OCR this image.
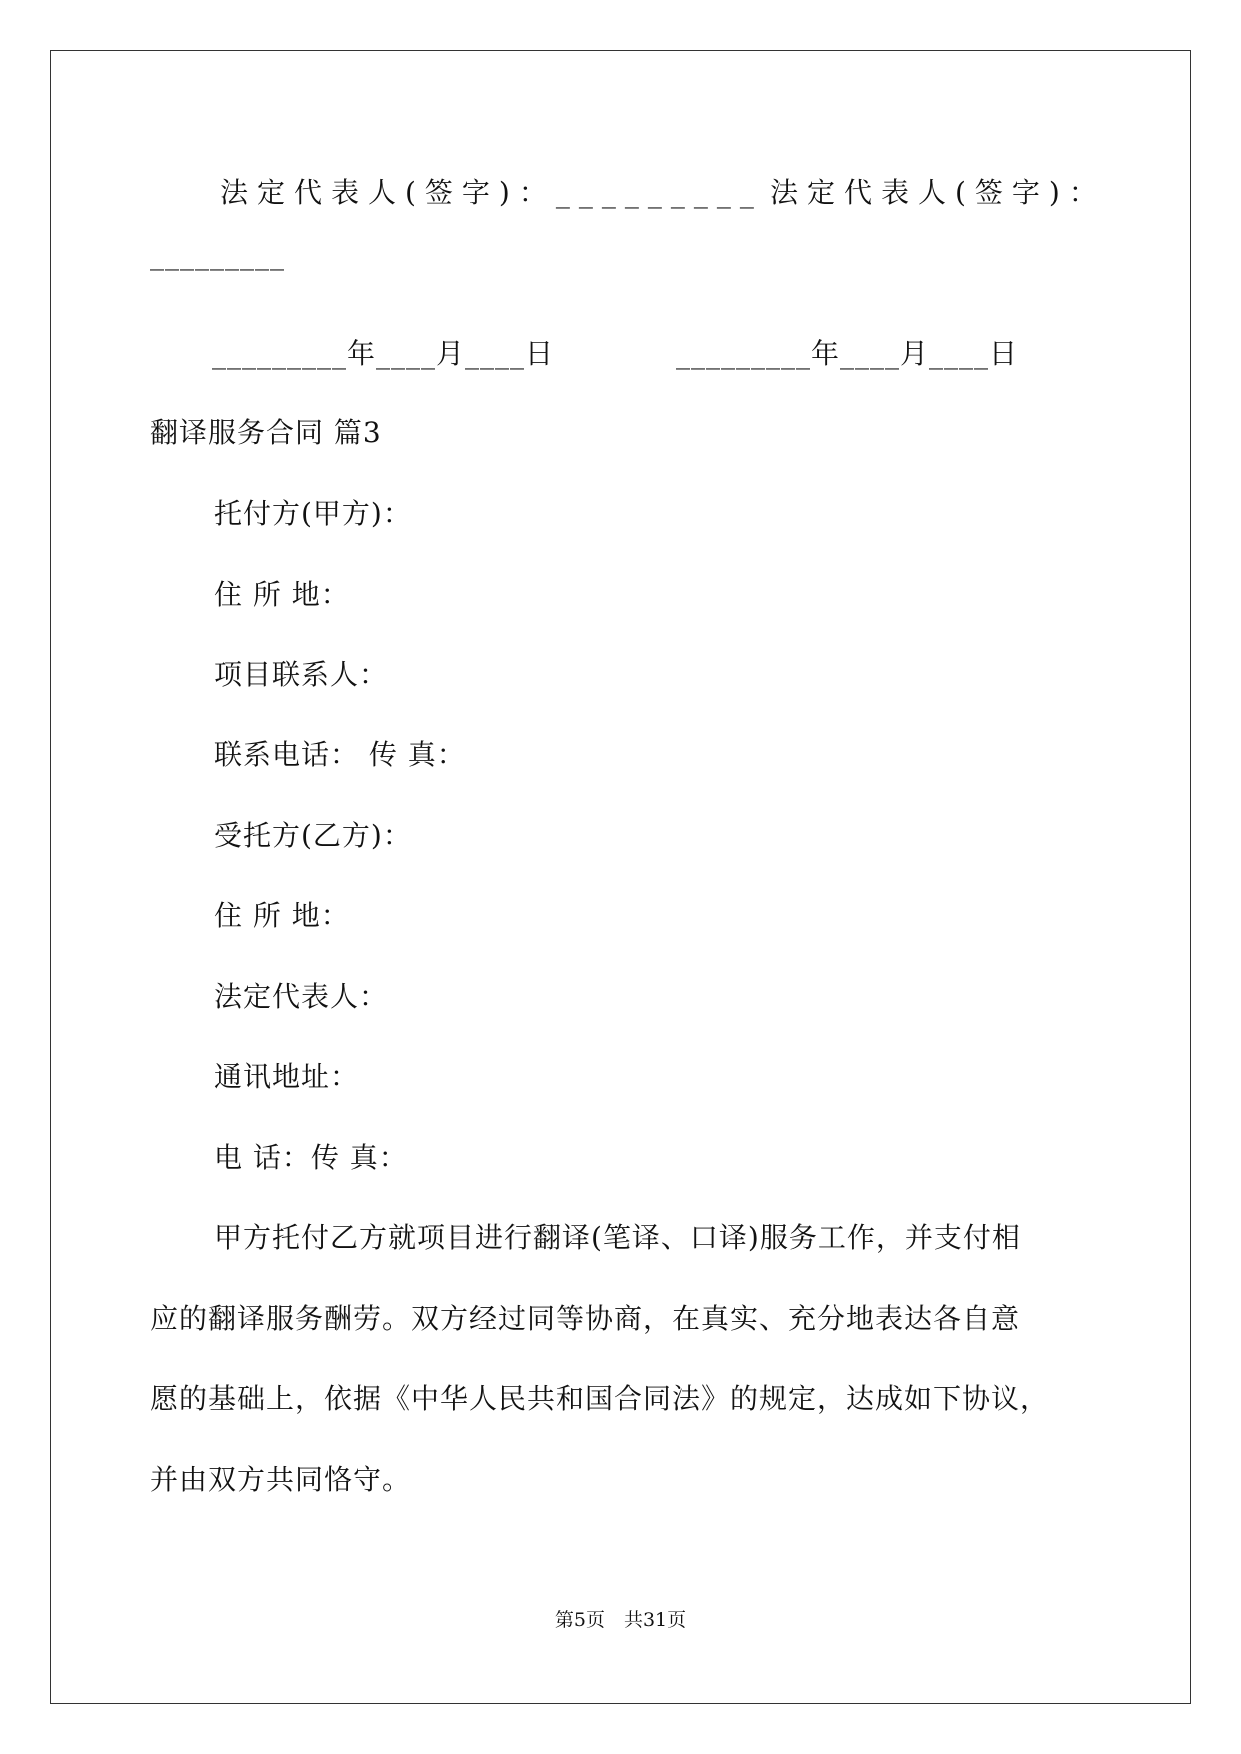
法定代表人(签字)：_________ 法定代表人(签字)：
_________
_________年____月____日	_________年____月____日
翻译服务合同 篇3
托付方(甲方)：
住 所 地：
项目联系人：
联系电话： 传 真：
受托方(乙方)：
住 所 地：
法定代表人：
通讯地址：
电 话：传 真：
甲方托付乙方就项目进行翻译(笔译、口译)服务工作，并支付相
应的翻译服务酬劳。双方经过同等协商，在真实、充分地表达各自意
愿的基础上，依据《中华人民共和国合同法》的规定，达成如下协议，
并由双方共同恪守。
第5页　共31页
